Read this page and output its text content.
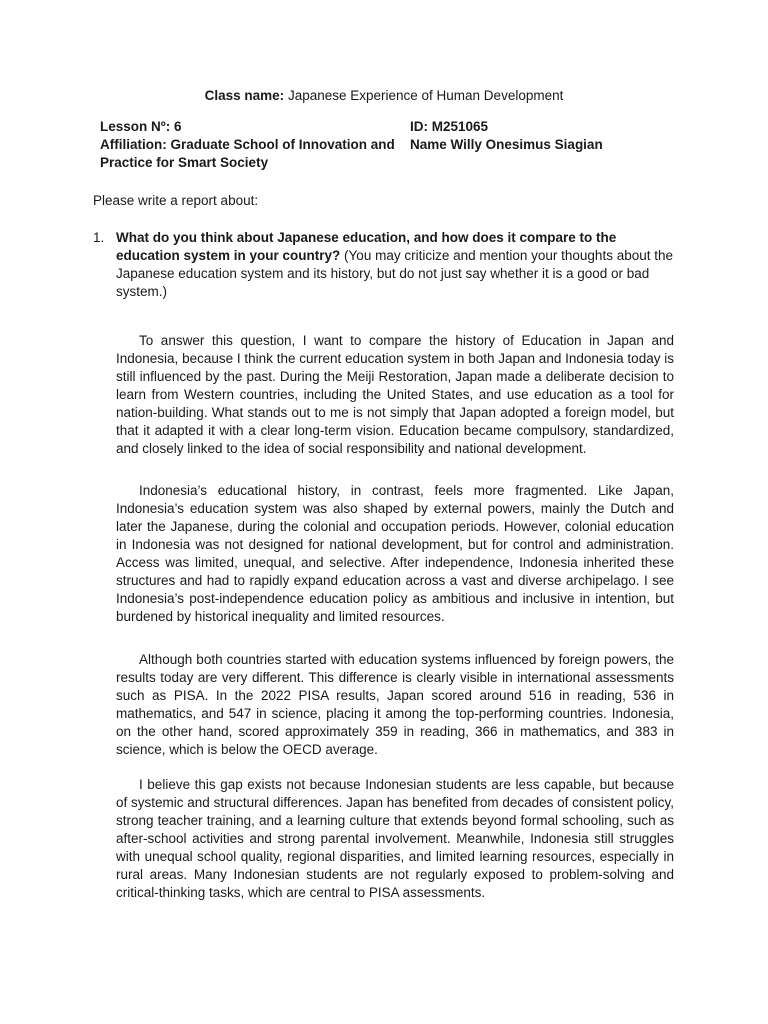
Class name: Japanese Experience of Human Development
Lesson Nº: 6
Affiliation: Graduate School of Innovation and Practice for Smart Society
ID: M251065
Name Willy Onesimus Siagian
Please write a report about:
1. What do you think about Japanese education, and how does it compare to the education system in your country? (You may criticize and mention your thoughts about the Japanese education system and its history, but do not just say whether it is a good or bad system.)

To answer this question, I want to compare the history of Education in Japan and Indonesia, because I think the current education system in both Japan and Indonesia today is still influenced by the past. During the Meiji Restoration, Japan made a deliberate decision to learn from Western countries, including the United States, and use education as a tool for nation-building. What stands out to me is not simply that Japan adopted a foreign model, but that it adapted it with a clear long-term vision. Education became compulsory, standardized, and closely linked to the idea of social responsibility and national development.

Indonesia’s educational history, in contrast, feels more fragmented. Like Japan, Indonesia’s education system was also shaped by external powers, mainly the Dutch and later the Japanese, during the colonial and occupation periods. However, colonial education in Indonesia was not designed for national development, but for control and administration. Access was limited, unequal, and selective. After independence, Indonesia inherited these structures and had to rapidly expand education across a vast and diverse archipelago. I see Indonesia’s post-independence education policy as ambitious and inclusive in intention, but burdened by historical inequality and limited resources.

Although both countries started with education systems influenced by foreign powers, the results today are very different. This difference is clearly visible in international assessments such as PISA. In the 2022 PISA results, Japan scored around 516 in reading, 536 in mathematics, and 547 in science, placing it among the top-performing countries. Indonesia, on the other hand, scored approximately 359 in reading, 366 in mathematics, and 383 in science, which is below the OECD average.

I believe this gap exists not because Indonesian students are less capable, but because of systemic and structural differences. Japan has benefited from decades of consistent policy, strong teacher training, and a learning culture that extends beyond formal schooling, such as after-school activities and strong parental involvement. Meanwhile, Indonesia still struggles with unequal school quality, regional disparities, and limited learning resources, especially in rural areas. Many Indonesian students are not regularly exposed to problem-solving and critical-thinking tasks, which are central to PISA assessments.
